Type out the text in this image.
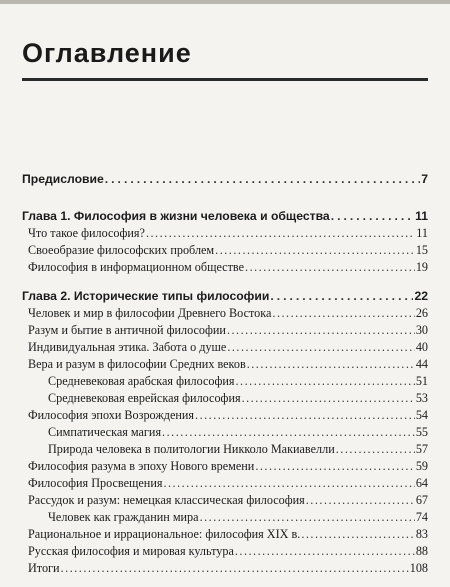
Оглавление
Предисловие .....	7
Глава 1. Философия в жизни человека и общества .....	11
Что такое философия? .....	11
Своеобразие философских проблем .....	15
Философия в информационном обществе .....	19
Глава 2. Исторические типы философии .....	22
Человек и мир в философии Древнего Востока .....	26
Разум и бытие в античной философии .....	30
Индивидуальная этика. Забота о душе .....	40
Вера и разум в философии Средних веков .....	44
Средневековая арабская философия .....	51
Средневековая еврейская философия .....	53
Философия эпохи Возрождения .....	54
Симпатическая магия .....	55
Природа человека в политологии Никколо Макиавелли .....	57
Философия разума в эпоху Нового времени .....	59
Философия Просвещения .....	64
Рассудок и разум: немецкая классическая философия .....	67
Человек как гражданин мира .....	74
Рациональное и иррациональное: философия XIX в. .....	83
Русская философия и мировая культура .....	88
Итоги .....	108
